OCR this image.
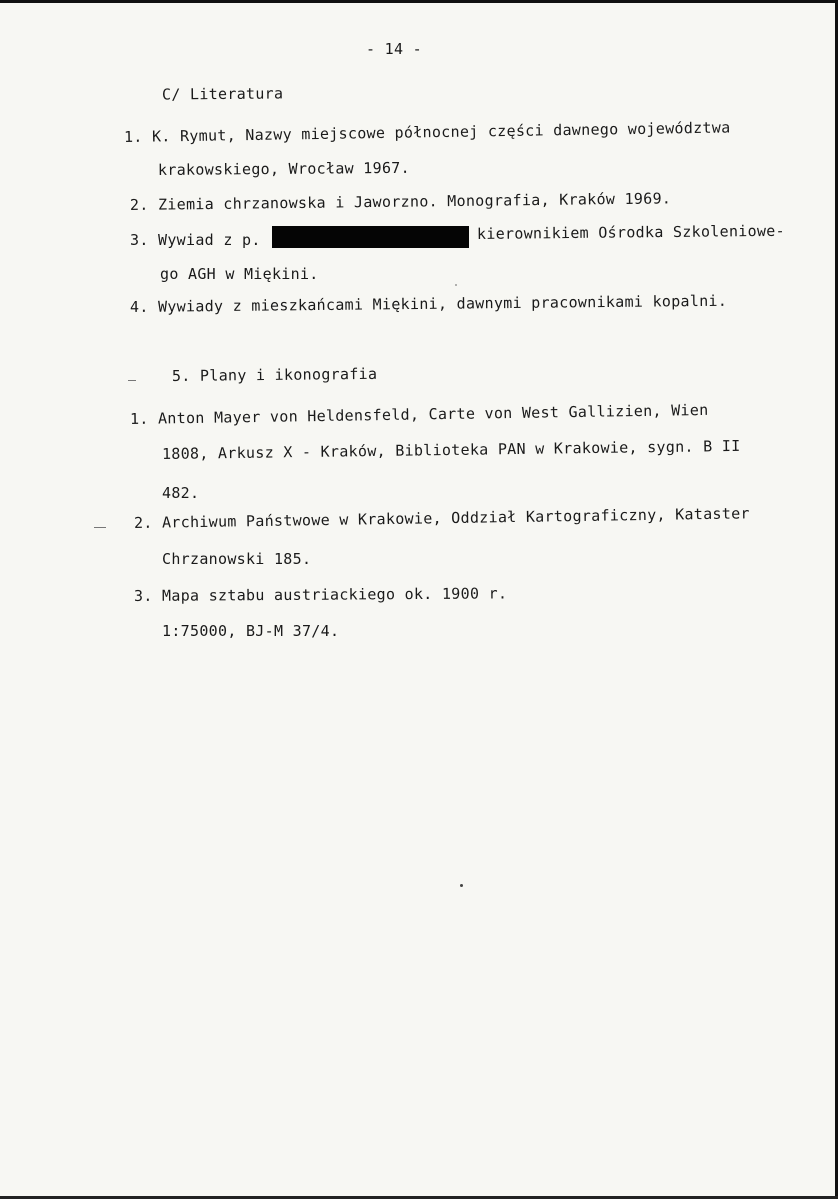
- 14 -
C/ Literatura
1. K. Rymut, Nazwy miejscowe północnej części dawnego województwa
krakowskiego, Wrocław 1967.
2. Ziemia chrzanowska i Jaworzno. Monografia, Kraków 1969.
3. Wywiad z p.	kierownikiem Ośrodka Szkoleniowe-
go AGH w Miękini.
4. Wywiady z mieszkańcami Miękini, dawnymi pracownikami kopalni.
5. Plany i ikonografia
1. Anton Mayer von Heldensfeld, Carte von West Gallizien, Wien
1808, Arkusz X - Kraków, Biblioteka PAN w Krakowie, sygn. B II
482.
2. Archiwum Państwowe w Krakowie, Oddział Kartograficzny, Kataster
Chrzanowski 185.
3. Mapa sztabu austriackiego ok. 1900 r.
1:75000, BJ-M 37/4.
